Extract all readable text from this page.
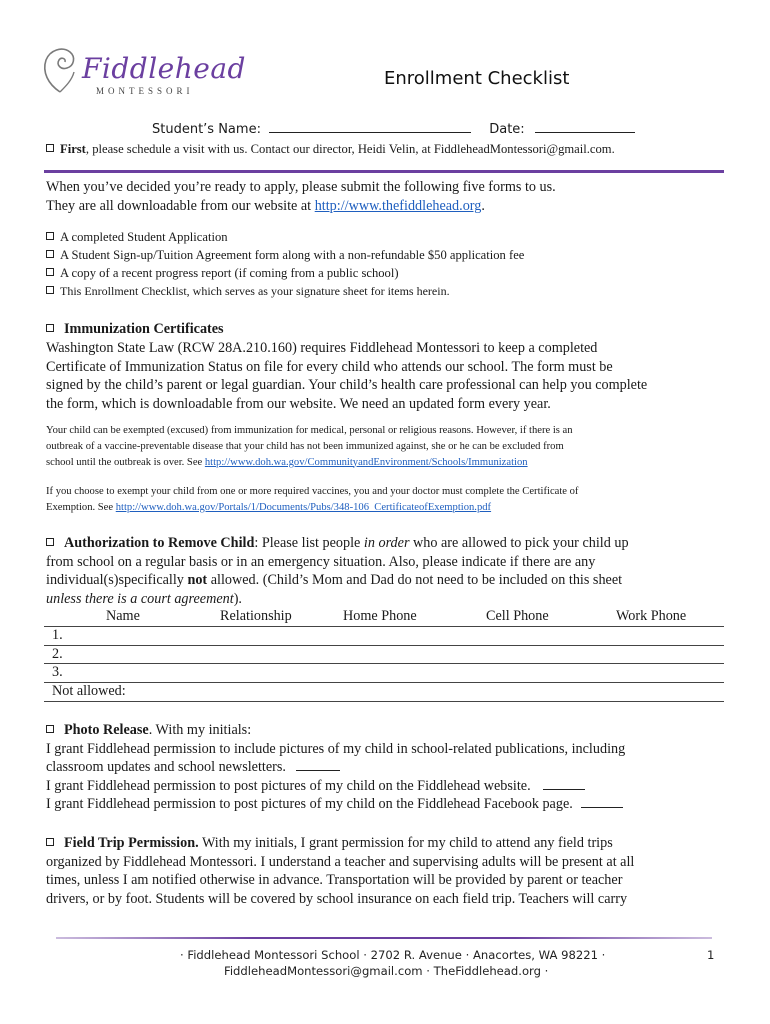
Fiddlehead
MONTESSORI
Enrollment Checklist
Student’s Name:	Date:
First, please schedule a visit with us. Contact our director, Heidi Velin, at FiddleheadMontessori@gmail.com.

When you’ve decided you’re ready to apply, please submit the following five forms to us.

They are all downloadable from our website at http://www.thefiddlehead.org.

A completed Student Application
A Student Sign-up/Tuition Agreement form along with a non-refundable $50 application fee
A copy of a recent progress report (if coming from a public school)
This Enrollment Checklist, which serves as your signature sheet for items herein.
Immunization Certificates

Washington State Law (RCW 28A.210.160) requires Fiddlehead Montessori to keep a completed

Certificate of Immunization Status on file for every child who attends our school. The form must be

signed by the child’s parent or legal guardian. Your child’s health care professional can help you complete

the form, which is downloadable from our website. We need an updated form every year.

Your child can be exempted (excused) from immunization for medical, personal or religious reasons. However, if there is an

outbreak of a vaccine-preventable disease that your child has not been immunized against, she or he can be excluded from

school until the outbreak is over. See http://www.doh.wa.gov/CommunityandEnvironment/Schools/Immunization

If you choose to exempt your child from one or more required vaccines, you and your doctor must complete the Certificate of

Exemption. See http://www.doh.wa.gov/Portals/1/Documents/Pubs/348-106_CertificateofExemption.pdf

Authorization to Remove Child: Please list people in order who are allowed to pick your child up

from school on a regular basis or in an emergency situation. Also, please indicate if there are any

individual(s)specifically not allowed. (Child’s Mom and Dad do not need to be included on this sheet

unless there is a court agreement).

Name	Relationship	Home Phone	Cell Phone	Work Phone
1.
2.
3.
Not allowed:

Photo Release. With my initials:

I grant Fiddlehead permission to include pictures of my child in school-related publications, including

classroom updates and school newsletters.

I grant Fiddlehead permission to post pictures of my child on the Fiddlehead website.

I grant Fiddlehead permission to post pictures of my child on the Fiddlehead Facebook page.

Field Trip Permission. With my initials, I grant permission for my child to attend any field trips

organized by Fiddlehead Montessori. I understand a teacher and supervising adults will be present at all

times, unless I am notified otherwise in advance. Transportation will be provided by parent or teacher

drivers, or by foot. Students will be covered by school insurance on each field trip. Teachers will carry

· Fiddlehead Montessori School · 2702 R. Avenue · Anacortes, WA 98221 ·
FiddleheadMontessori@gmail.com · TheFiddlehead.org ·
1
